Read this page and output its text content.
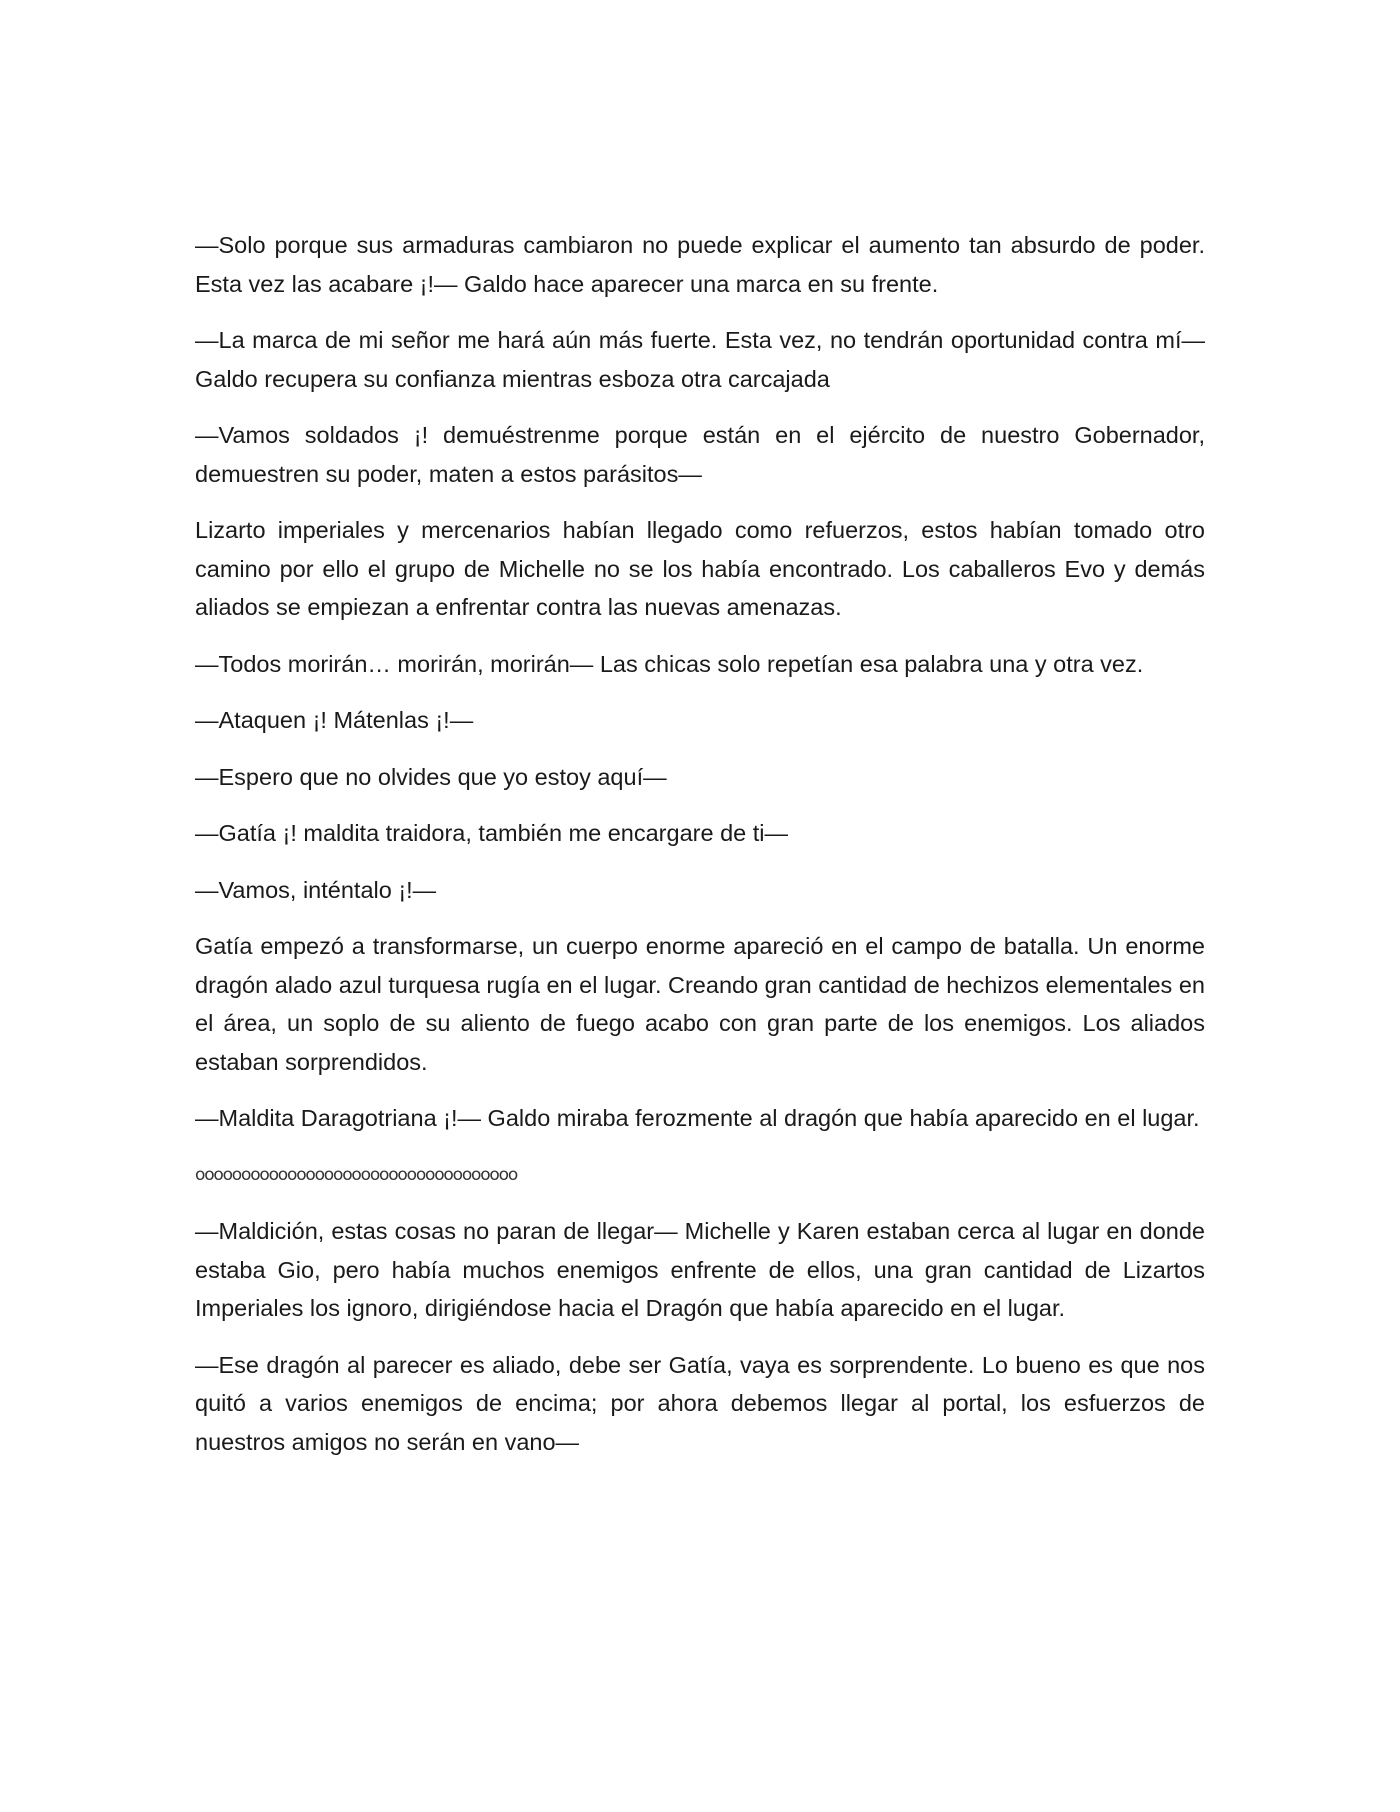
—Solo porque sus armaduras cambiaron no puede explicar el aumento tan absurdo de poder. Esta vez las acabare ¡!— Galdo hace aparecer una marca en su frente.

—La marca de mi señor me hará aún más fuerte. Esta vez, no tendrán oportunidad contra mí— Galdo recupera su confianza mientras esboza otra carcajada

—Vamos soldados ¡! demuéstrenme porque están en el ejército de nuestro Gobernador, demuestren su poder, maten a estos parásitos—

Lizarto imperiales y mercenarios habían llegado como refuerzos, estos habían tomado otro camino por ello el grupo de Michelle no se los había encontrado. Los caballeros Evo y demás aliados se empiezan a enfrentar contra las nuevas amenazas.

—Todos morirán… morirán, morirán— Las chicas solo repetían esa palabra una y otra vez.

—Ataquen ¡! Mátenlas ¡!—

—Espero que no olvides que yo estoy aquí—

—Gatía ¡! maldita traidora, también me encargare de ti—

—Vamos, inténtalo ¡!—

Gatía empezó a transformarse, un cuerpo enorme apareció en el campo de batalla. Un enorme dragón alado azul turquesa rugía en el lugar. Creando gran cantidad de hechizos elementales en el área, un soplo de su aliento de fuego acabo con gran parte de los enemigos. Los aliados estaban sorprendidos.

—Maldita Daragotriana ¡!— Galdo miraba ferozmente al dragón que había aparecido en el lugar.

ooooooooooooooooooooooooooooooooooo

—Maldición, estas cosas no paran de llegar— Michelle y Karen estaban cerca al lugar en donde estaba Gio, pero había muchos enemigos enfrente de ellos, una gran cantidad de Lizartos Imperiales los ignoro, dirigiéndose hacia el Dragón que había aparecido en el lugar.

—Ese dragón al parecer es aliado, debe ser Gatía, vaya es sorprendente. Lo bueno es que nos quitó a varios enemigos de encima; por ahora debemos llegar al portal, los esfuerzos de nuestros amigos no serán en vano—
